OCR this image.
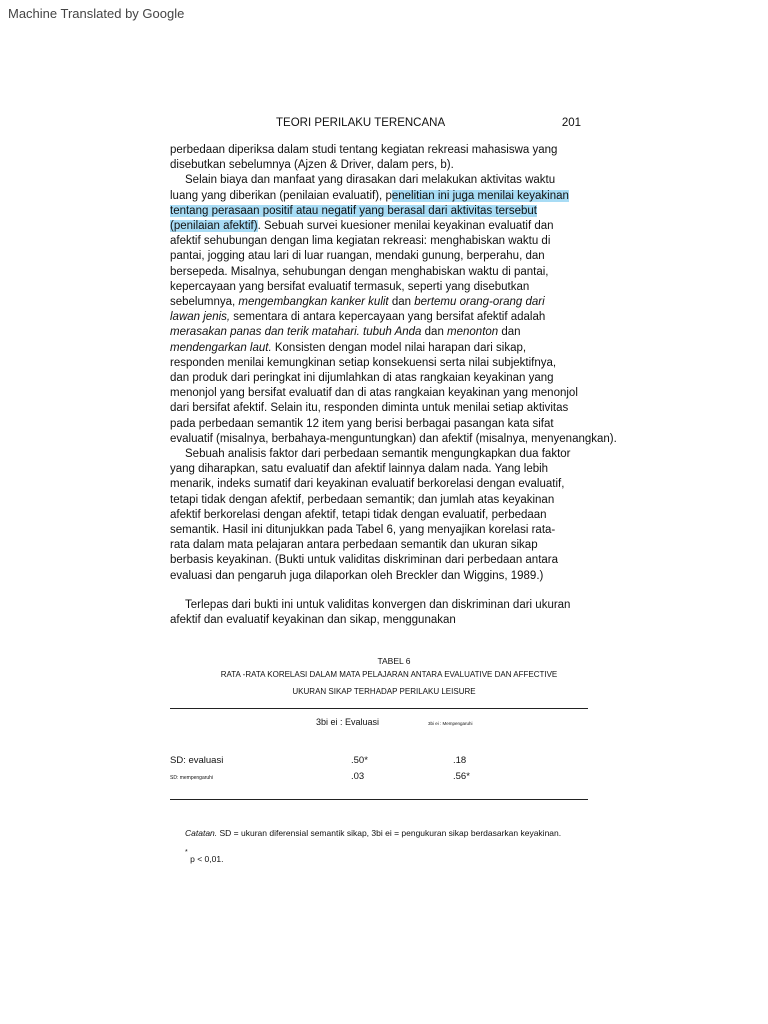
Machine Translated by Google
TEORI PERILAKU TERENCANA	201

perbedaan diperiksa dalam studi tentang kegiatan rekreasi mahasiswa yang

disebutkan sebelumnya (Ajzen & Driver, dalam pers, b).

Selain biaya dan manfaat yang dirasakan dari melakukan aktivitas waktu

luang yang diberikan (penilaian evaluatif), penelitian ini juga menilai keyakinan

tentang perasaan positif atau negatif yang berasal dari aktivitas tersebut

(penilaian afektif). Sebuah survei kuesioner menilai keyakinan evaluatif dan

afektif sehubungan dengan lima kegiatan rekreasi: menghabiskan waktu di

pantai, jogging atau lari di luar ruangan, mendaki gunung, berperahu, dan

bersepeda. Misalnya, sehubungan dengan menghabiskan waktu di pantai,

kepercayaan yang bersifat evaluatif termasuk, seperti yang disebutkan

sebelumnya, mengembangkan kanker kulit dan bertemu orang-orang dari

lawan jenis, sementara di antara kepercayaan yang bersifat afektif adalah

merasakan panas dan terik matahari. tubuh Anda dan menonton dan

mendengarkan laut. Konsisten dengan model nilai harapan dari sikap,

responden menilai kemungkinan setiap konsekuensi serta nilai subjektifnya,

dan produk dari peringkat ini dijumlahkan di atas rangkaian keyakinan yang

menonjol yang bersifat evaluatif dan di atas rangkaian keyakinan yang menonjol

dari bersifat afektif. Selain itu, responden diminta untuk menilai setiap aktivitas

pada perbedaan semantik 12 item yang berisi berbagai pasangan kata sifat

evaluatif (misalnya, berbahaya-menguntungkan) dan afektif (misalnya, menyenangkan).

Sebuah analisis faktor dari perbedaan semantik mengungkapkan dua faktor

yang diharapkan, satu evaluatif dan afektif lainnya dalam nada. Yang lebih

menarik, indeks sumatif dari keyakinan evaluatif berkorelasi dengan evaluatif,

tetapi tidak dengan afektif, perbedaan semantik; dan jumlah atas keyakinan

afektif berkorelasi dengan afektif, tetapi tidak dengan evaluatif, perbedaan

semantik. Hasil ini ditunjukkan pada Tabel 6, yang menyajikan korelasi rata-

rata dalam mata pelajaran antara perbedaan semantik dan ukuran sikap

berbasis keyakinan. (Bukti untuk validitas diskriminan dari perbedaan antara

evaluasi dan pengaruh juga dilaporkan oleh Breckler dan Wiggins, 1989.)

Terlepas dari bukti ini untuk validitas konvergen dan diskriminan dari ukuran

afektif dan evaluatif keyakinan dan sikap, menggunakan

TABEL 6
RATA -RATA KORELASI DALAM MATA PELAJARAN ANTARA EVALUATIVE DAN AFFECTIVE
UKURAN SIKAP TERHADAP PERILAKU LEISURE
3bi ei : Evaluasi	3bi ei : Mempengaruhi
SD: evaluasi	.50*	.18
SD: mempengaruhi	.03	.56*
Catatan. SD = ukuran diferensial semantik sikap, 3bi ei = pengukuran sikap berdasarkan keyakinan.
* p < 0,01.
